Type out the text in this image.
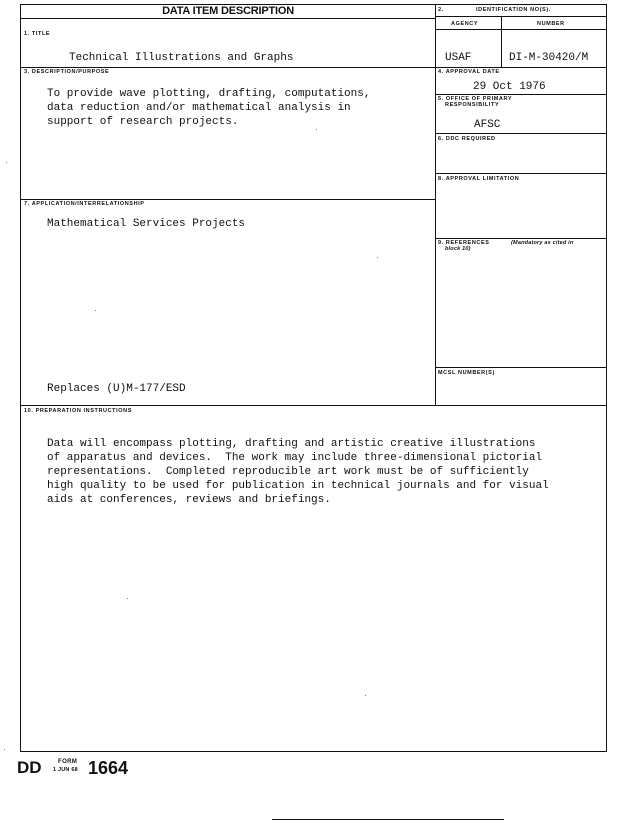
DATA ITEM DESCRIPTION	2.	IDENTIFICATION NO(S).
AGENCY	NUMBER
USAF	DI-M-30420/M
1. TITLE
Technical Illustrations and Graphs
3. DESCRIPTION/PURPOSE
To provide wave plotting, drafting, computations,
data reduction and/or mathematical analysis in
support of research projects.
4. APPROVAL DATE
29 Oct 1976
5. OFFICE OF PRIMARY
RESPONSIBILITY
AFSC
6. DDC REQUIRED
8. APPROVAL LIMITATION
9. REFERENCES	(Mandatory as cited in
block 10)
MCSL NUMBER(S)
7. APPLICATION/INTERRELATIONSHIP
Mathematical Services Projects
Replaces (U)M-177/ESD
10. PREPARATION INSTRUCTIONS
Data will encompass plotting, drafting and artistic creative illustrations
of apparatus and devices.  The work may include three-dimensional pictorial
representations.  Completed reproducible art work must be of sufficiently
high quality to be used for publication in technical journals and for visual
aids at conferences, reviews and briefings.
DD	FORM
1 JUN 68 1664
